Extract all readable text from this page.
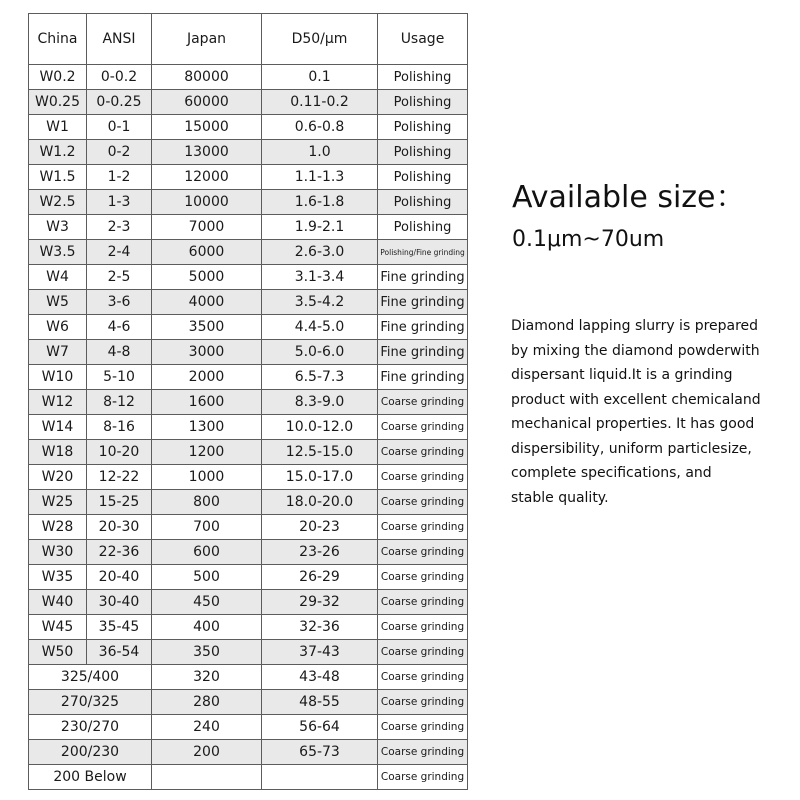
China	ANSI	Japan	D50/µm	Usage
W0.2	0-0.2	80000	0.1	Polishing
W0.25	0-0.25	60000	0.11-0.2	Polishing
W1	0-1	15000	0.6-0.8	Polishing
W1.2	0-2	13000	1.0	Polishing
W1.5	1-2	12000	1.1-1.3	Polishing
W2.5	1-3	10000	1.6-1.8	Polishing
W3	2-3	7000	1.9-2.1	Polishing
W3.5	2-4	6000	2.6-3.0	Polishing/Fine grinding
W4	2-5	5000	3.1-3.4	Fine grinding
W5	3-6	4000	3.5-4.2	Fine grinding
W6	4-6	3500	4.4-5.0	Fine grinding
W7	4-8	3000	5.0-6.0	Fine grinding
W10	5-10	2000	6.5-7.3	Fine grinding
W12	8-12	1600	8.3-9.0	Coarse grinding
W14	8-16	1300	10.0-12.0	Coarse grinding
W18	10-20	1200	12.5-15.0	Coarse grinding
W20	12-22	1000	15.0-17.0	Coarse grinding
W25	15-25	800	18.0-20.0	Coarse grinding
W28	20-30	700	20-23	Coarse grinding
W30	22-36	600	23-26	Coarse grinding
W35	20-40	500	26-29	Coarse grinding
W40	30-40	450	29-32	Coarse grinding
W45	35-45	400	32-36	Coarse grinding
W50	36-54	350	37-43	Coarse grinding
325/400		320	43-48	Coarse grinding
270/325		280	48-55	Coarse grinding
230/270		240	56-64	Coarse grinding
200/230		200	65-73	Coarse grinding
200 Below				Coarse grinding
Available size：
0.1μm~70um
Diamond lapping slurry is prepared
by mixing the diamond powderwith
dispersant liquid.It is a grinding
product with excellent chemicaland
mechanical properties. It has good
dispersibility, uniform particlesize,
complete specifications, and
stable quality.
